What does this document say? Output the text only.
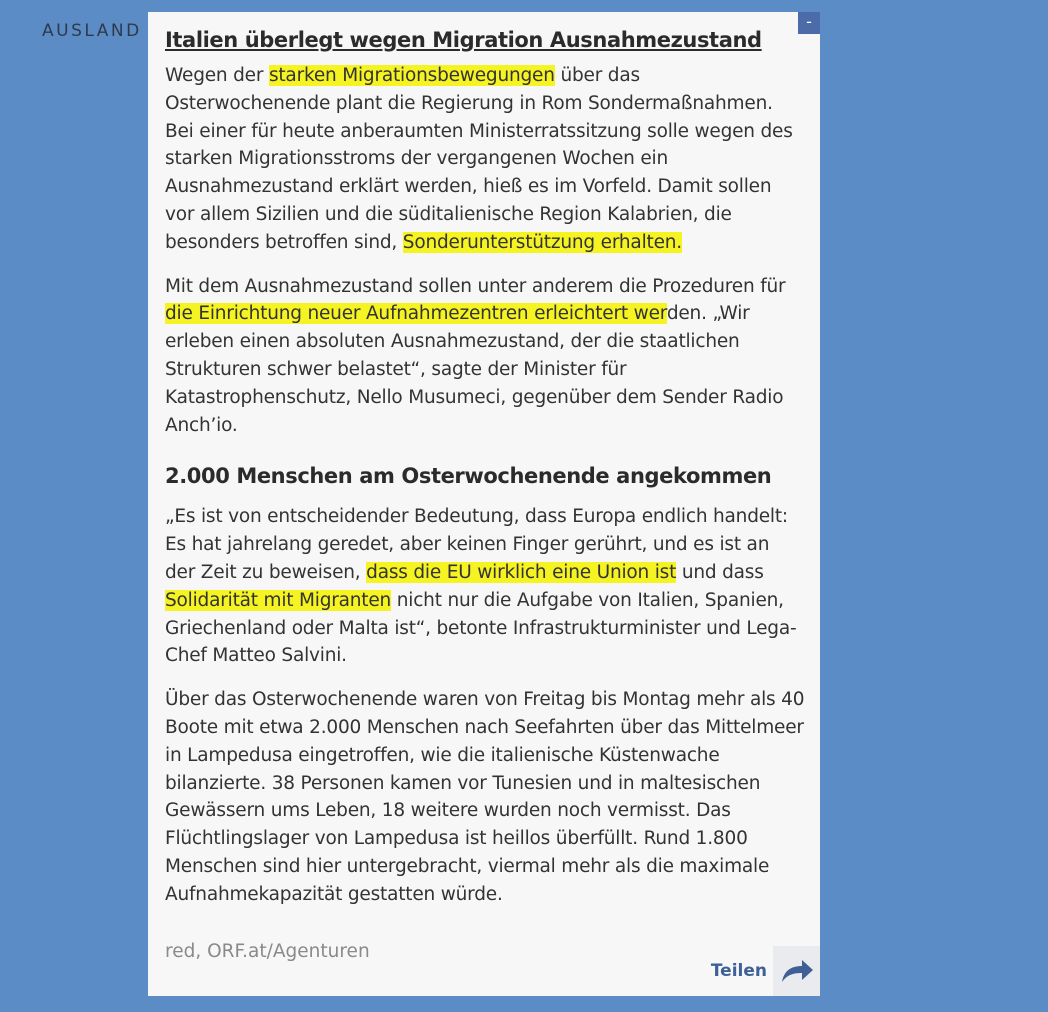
AUSLAND	-
Italien überlegt wegen Migration Ausnahmezustand

Wegen der starken Migrationsbewegungen über das Osterwochenende plant die Regierung in Rom Sondermaßnahmen. Bei einer für heute anberaumten Ministerratssitzung solle wegen des starken Migrationsstroms der vergangenen Wochen ein Ausnahmezustand erklärt werden, hieß es im Vorfeld. Damit sollen vor allem Sizilien und die süditalienische Region Kalabrien, die besonders betroffen sind, Sonderunterstützung erhalten.

Mit dem Ausnahmezustand sollen unter anderem die Prozeduren für die Einrichtung neuer Aufnahmezentren erleichtert werden. „Wir erleben einen absoluten Ausnahmezustand, der die staatlichen Strukturen schwer belastet“, sagte der Minister für Katastrophenschutz, Nello Musumeci, gegenüber dem Sender Radio Anch’io.

2.000 Menschen am Osterwochenende angekommen

„Es ist von entscheidender Bedeutung, dass Europa endlich handelt: Es hat jahrelang geredet, aber keinen Finger gerührt, und es ist an der Zeit zu beweisen, dass die EU wirklich eine Union ist und dass Solidarität mit Migranten nicht nur die Aufgabe von Italien, Spanien, Griechenland oder Malta ist“, betonte Infrastrukturminister und Lega-Chef Matteo Salvini.

Über das Osterwochenende waren von Freitag bis Montag mehr als 40 Boote mit etwa 2.000 Menschen nach Seefahrten über das Mittelmeer in Lampedusa eingetroffen, wie die italienische Küstenwache bilanzierte. 38 Personen kamen vor Tunesien und in maltesischen Gewässern ums Leben, 18 weitere wurden noch vermisst. Das Flüchtlingslager von Lampedusa ist heillos überfüllt. Rund 1.800 Menschen sind hier untergebracht, viermal mehr als die maximale Aufnahmekapazität gestatten würde.

red, ORF.at/Agenturen
Teilen
